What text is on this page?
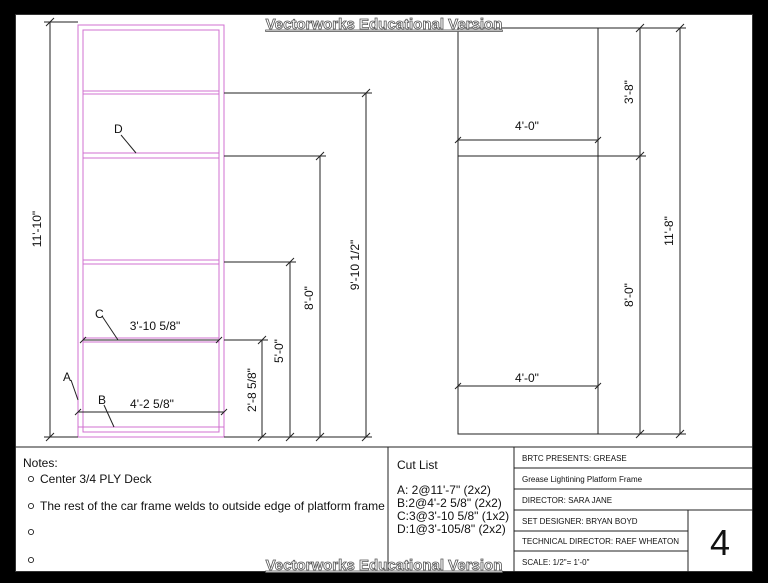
Vectorworks Educational Version
Vectorworks Educational Version
D
C
A
B
11'-10"
3'-10 5/8"
4'-2 5/8"	2'-8 5/8"
5'-0"
8'-0"
9'-10 1/2"
4'-0"
4'-0"
3'-8"
8'-0"
11'-8"
Notes:
Center 3/4 PLY Deck
The rest of the car frame welds to outside edge of platform frame
Cut List
A: 2@11'-7" (2x2)
B:2@4'-2 5/8" (2x2)
C:3@3'-10 5/8" (1x2)
D:1@3'-105/8" (2x2)
BRTC PRESENTS: GREASE
Grease Lightining Platform Frame
DIRECTOR: SARA JANE
SET DESIGNER: BRYAN BOYD
TECHNICAL DIRECTOR: RAEF WHEATON
SCALE: 1/2"= 1'-0"	4
